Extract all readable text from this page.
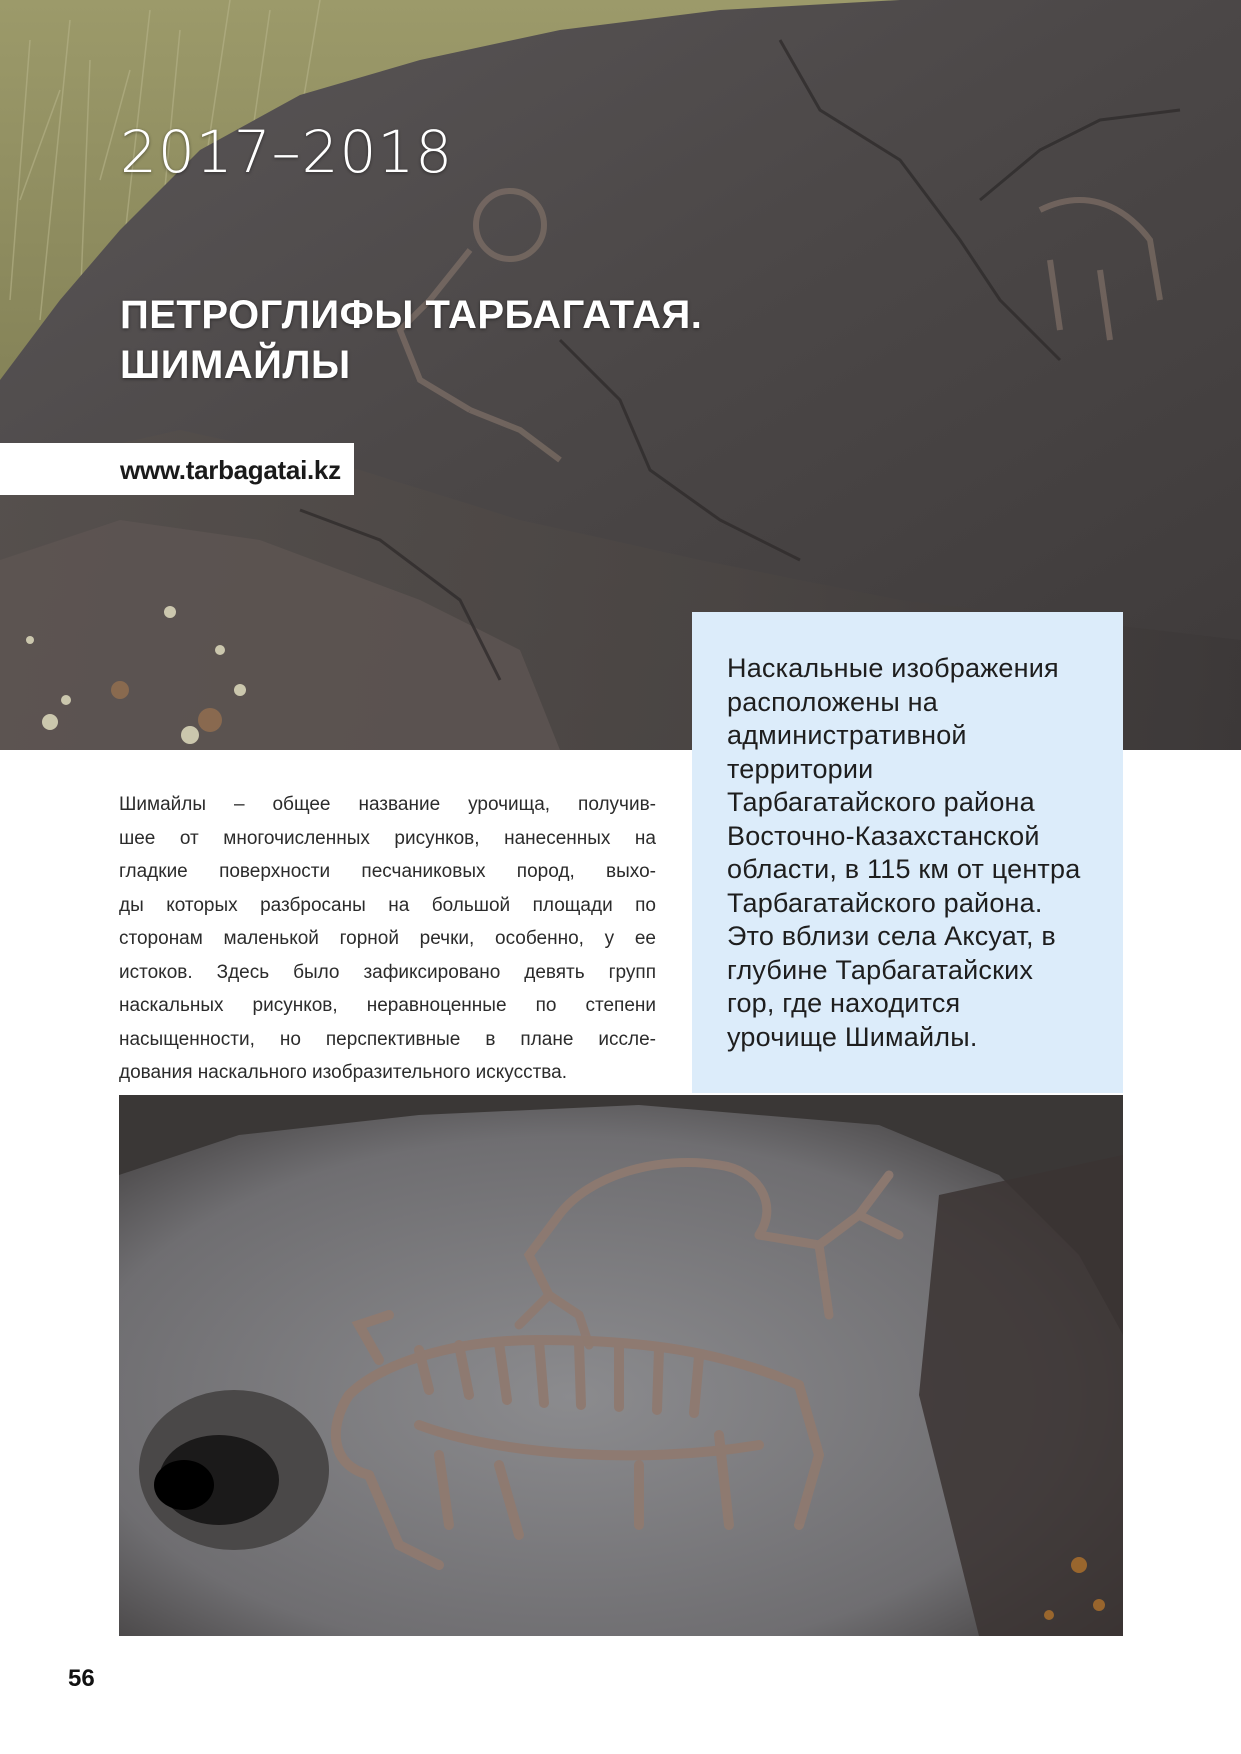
2017–2018
ПЕТРОГЛИФЫ ТАРБАГАТАЯ.
ШИМАЙЛЫ
www.tarbagatai.kz
Шимайлы – общее название урочища, получив-
шее от многочисленных рисунков, нанесенных на
гладкие поверхности песчаниковых пород, выхо-
ды которых разбросаны на большой площади по
сторонам маленькой горной речки, особенно, у ее
истоков. Здесь было зафиксировано девять групп
наскальных рисунков, неравноценные по степени
насыщенности, но перспективные в плане иссле-
дования наскального изобразительного искусства.
Наскальные изображения
расположены на
административной
территории
Тарбагатайского района
Восточно-Казахстанской
области, в 115 км от центра
Тарбагатайского района.
Это вблизи села Аксуат, в
глубине Тарбагатайских
гор, где находится
урочище Шимайлы.
56
